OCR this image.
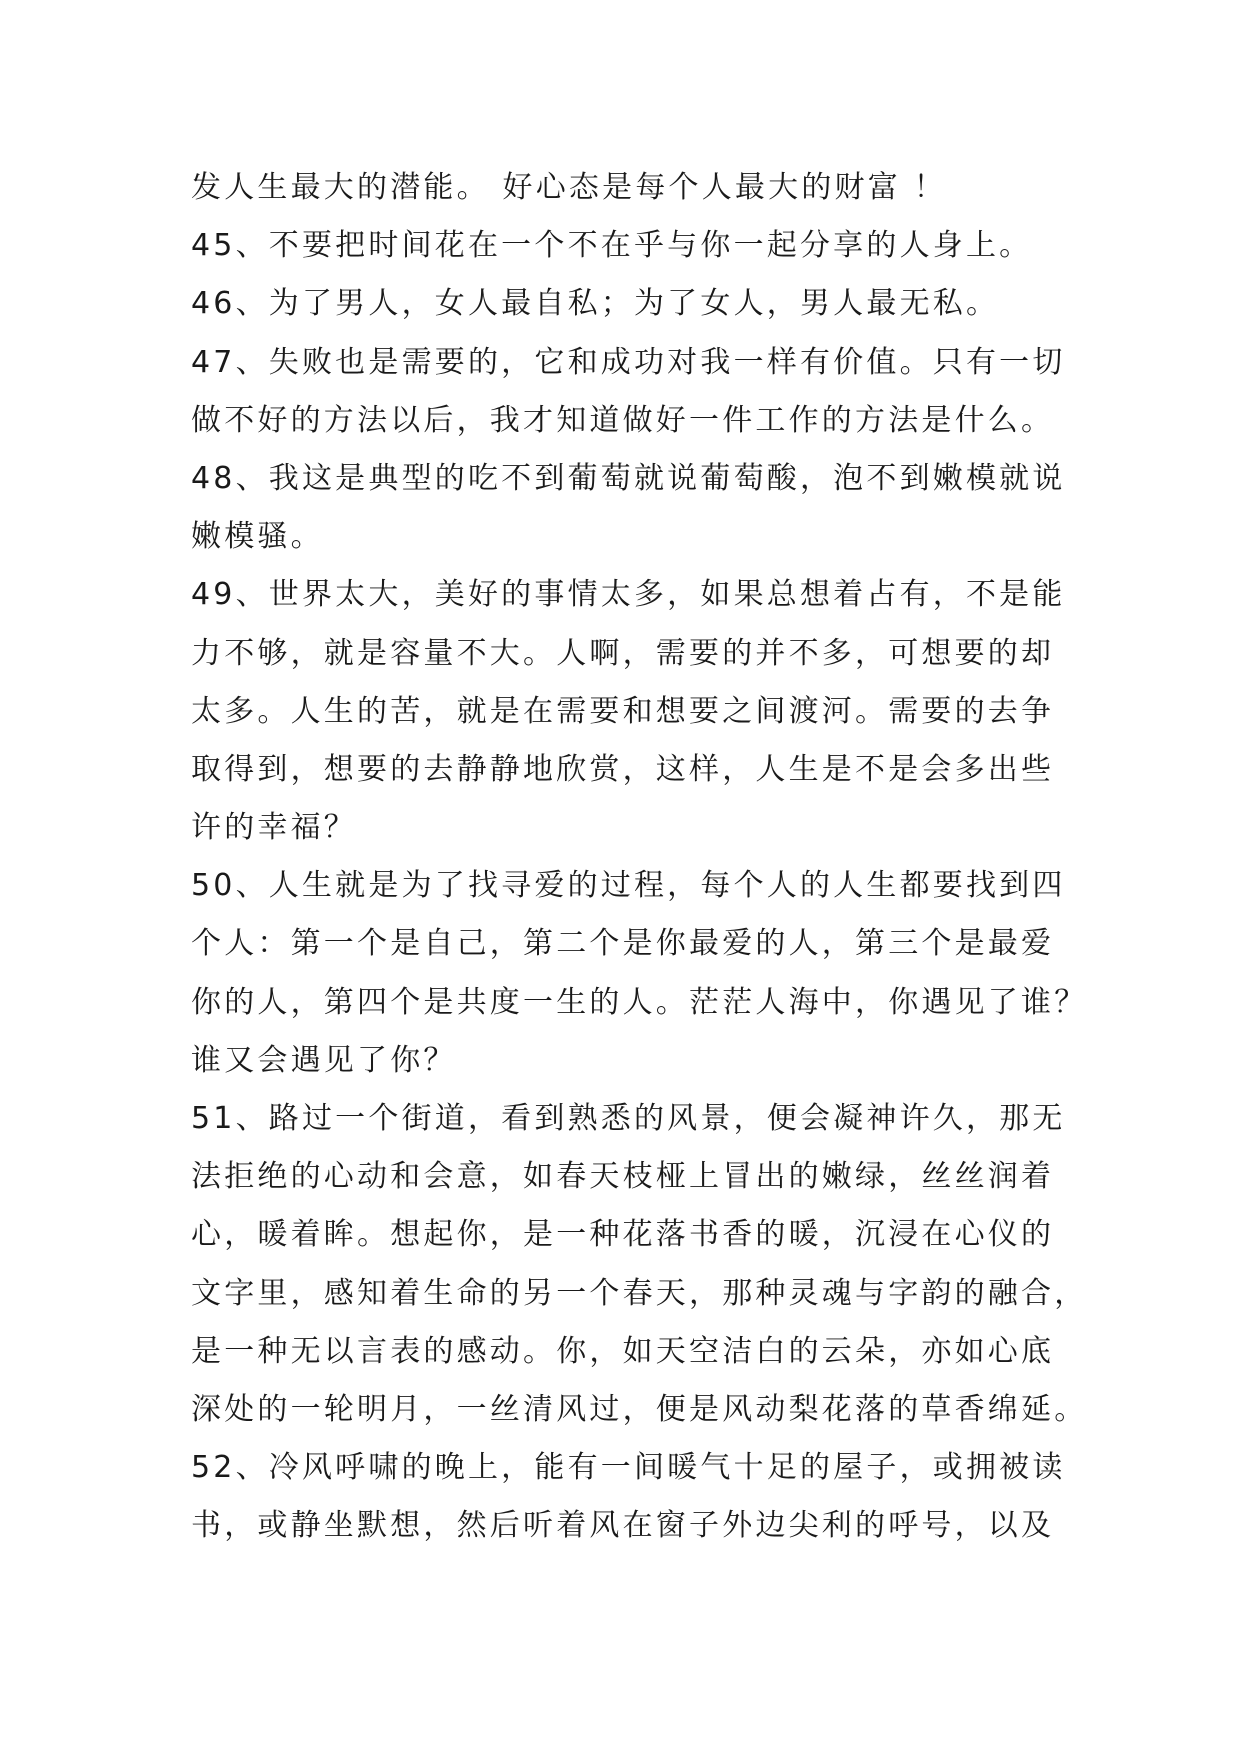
发人生最大的潜能。 好心态是每个人最大的财富 ！
45、不要把时间花在一个不在乎与你一起分享的人身上。
46、为了男人，女人最自私；为了女人，男人最无私。
47、失败也是需要的，它和成功对我一样有价值。只有一切
做不好的方法以后，我才知道做好一件工作的方法是什么。
48、我这是典型的吃不到葡萄就说葡萄酸，泡不到嫩模就说
嫩模骚。
49、世界太大，美好的事情太多，如果总想着占有，不是能
力不够，就是容量不大。人啊，需要的并不多，可想要的却
太多。人生的苦，就是在需要和想要之间渡河。需要的去争
取得到，想要的去静静地欣赏，这样，人生是不是会多出些
许的幸福？
50、人生就是为了找寻爱的过程，每个人的人生都要找到四
个人：第一个是自己，第二个是你最爱的人，第三个是最爱
你的人，第四个是共度一生的人。茫茫人海中，你遇见了谁？
谁又会遇见了你？
51、路过一个街道，看到熟悉的风景，便会凝神许久，那无
法拒绝的心动和会意，如春天枝桠上冒出的嫩绿，丝丝润着
心，暖着眸。想起你，是一种花落书香的暖，沉浸在心仪的
文字里，感知着生命的另一个春天，那种灵魂与字韵的融合，
是一种无以言表的感动。你，如天空洁白的云朵，亦如心底
深处的一轮明月，一丝清风过，便是风动梨花落的草香绵延。
52、冷风呼啸的晚上，能有一间暖气十足的屋子，或拥被读
书，或静坐默想，然后听着风在窗子外边尖利的呼号，以及
